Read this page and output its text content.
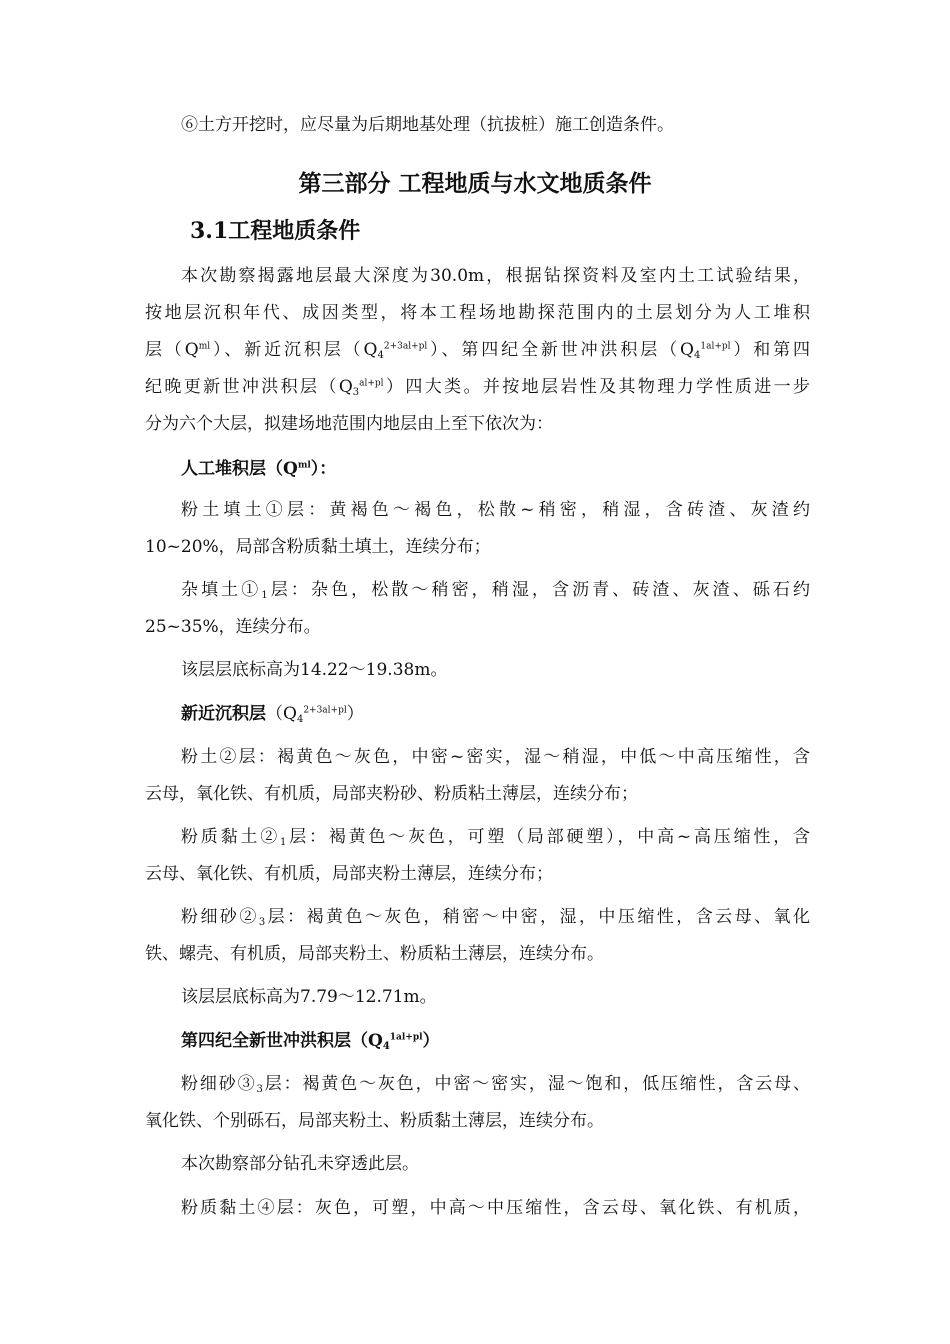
⑥土方开挖时，应尽量为后期地基处理（抗拔桩）施工创造条件。
第三部分 工程地质与水文地质条件
3.1工程地质条件
本次勘察揭露地层最大深度为30.0m，根据钻探资料及室内土工试验结果，
按地层沉积年代、成因类型，将本工程场地勘探范围内的土层划分为人工堆积
层$(Q^{ml})$、新近沉积层$(Q_4^{2+3al+pl})$、第四纪全新世冲洪积层$(Q_4^{1al+pl})$和第四
纪晚更新世冲洪积层$(Q_3^{al+pl})$四大类。并按地层岩性及其物理力学性质进一步
分为六个大层，拟建场地范围内地层由上至下依次为：
人工堆积层$(Q^{ml})$：
粉土填土①层：黄褐色～褐色，松散~稍密，稍湿，含砖渣、灰渣约
10~20%，局部含粉质黏土填土，连续分布；
杂填土$①_1$层：杂色，松散～稍密，稍湿，含沥青、砖渣、灰渣、砾石约
25~35%，连续分布。
该层层底标高为14.22～19.38m。
新近沉积层$(Q_4^{2+3al+pl})$
粉土②层：褐黄色～灰色，中密~密实，湿～稍湿，中低～中高压缩性，含
云母，氧化铁、有机质，局部夹粉砂、粉质粘土薄层，连续分布；
粉质黏土$②_1$层：褐黄色～灰色，可塑（局部硬塑），中高~高压缩性，含
云母、氧化铁、有机质，局部夹粉土薄层，连续分布；
粉细砂$②_3$层：褐黄色～灰色，稍密～中密，湿，中压缩性，含云母、氧化
铁、螺壳、有机质，局部夹粉土、粉质粘土薄层，连续分布。
该层层底标高为7.79～12.71m。
第四纪全新世冲洪积层$(Q_4^{1al+pl})$
粉细砂$③_3$层：褐黄色～灰色，中密～密实，湿～饱和，低压缩性，含云母、
氧化铁、个别砾石，局部夹粉土、粉质黏土薄层，连续分布。
本次勘察部分钻孔未穿透此层。
粉质黏土④层：灰色，可塑，中高～中压缩性，含云母、氧化铁、有机质，
